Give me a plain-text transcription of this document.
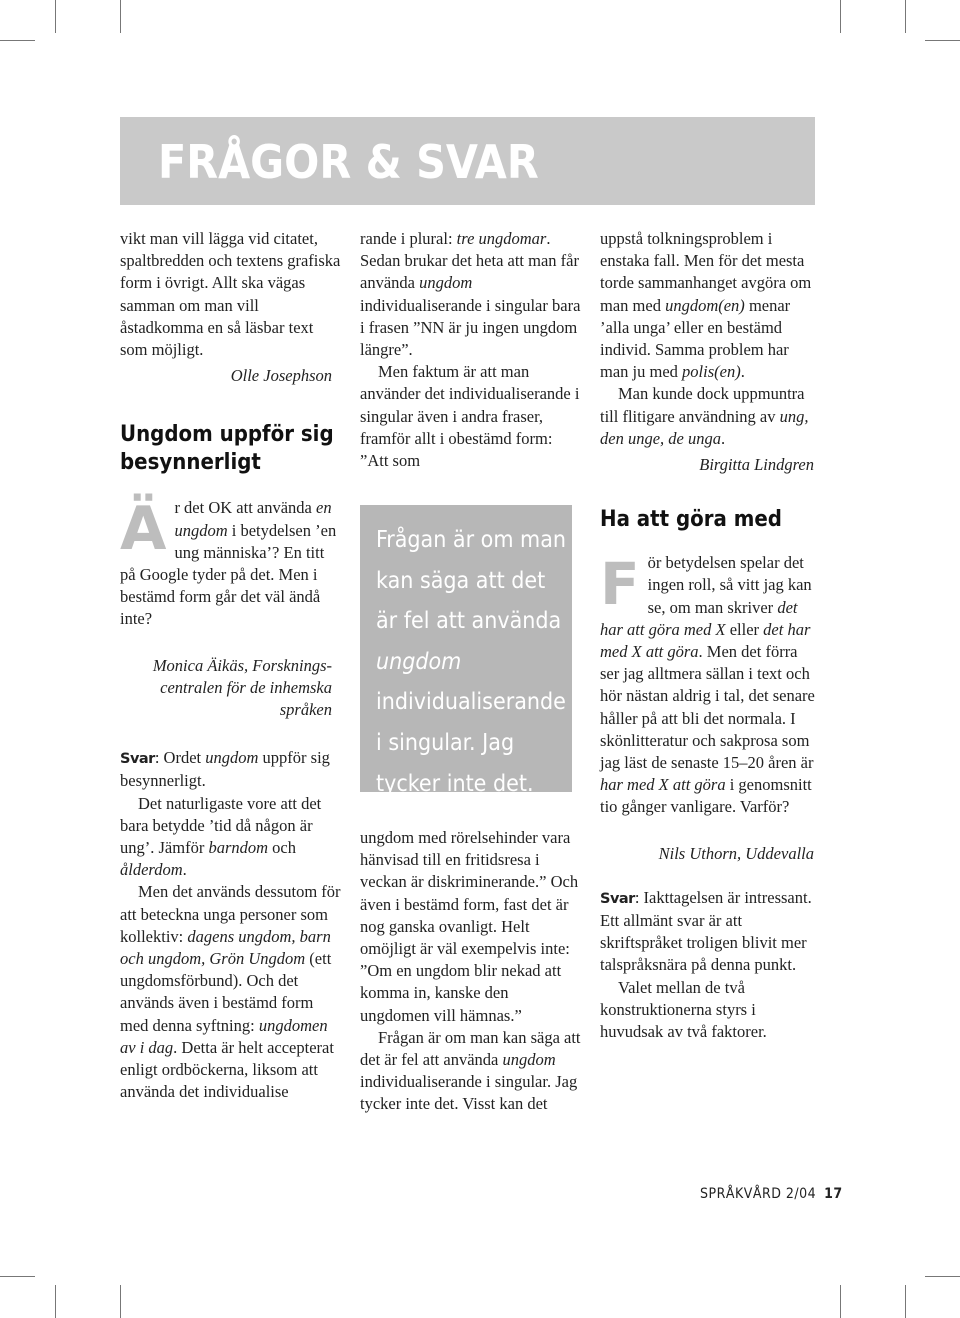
FRÅGOR & SVAR

vikt man vill lägga vid citatet, spaltbredden och textens grafiska form i övrigt. Allt ska vägas samman om man vill åstadkomma en så läsbar text som möjligt.

Olle Josephson

Ungdom uppför sig besynnerligt

Är det OK att använda en ungdom i betydelsen ’en ung människa’? En titt på Google tyder på det. Men i bestämd form går det väl ändå inte?

Monica Äikäs, Forskningscentralen för de inhemska språken

Svar: Ordet ungdom uppför sig besynnerligt.

Det naturligaste vore att det bara betydde ’tid då någon är ung’. Jämför barndom och ålderdom.

Men det används dessutom för att beteckna unga personer som kollektiv: dagens ungdom, barn och ungdom, Grön Ungdom (ett ungdomsförbund). Och det används även i bestämd form med denna syftning: ungdomen av i dag. Detta är helt accepterat enligt ordböckerna, liksom att använda det individualise

rande i plural: tre ungdomar. Sedan brukar det heta att man får använda ungdom individualiserande i singular bara i frasen ”NN är ju ingen ungdom längre”.

Men faktum är att man använder det individualiserande i singular även i andra fraser, framför allt i obestämd form: ”Att som

Frågan är om man kan säga att det är fel att använda ungdom individualiserande i singular. Jag tycker inte det.

ungdom med rörelsehinder vara hänvisad till en fritidsresa i veckan är diskriminerande.” Och även i bestämd form, fast det är nog ganska ovanligt. Helt omöjligt är väl exempelvis inte: ”Om en ungdom blir nekad att komma in, kanske den ungdomen vill hämnas.”

Frågan är om man kan säga att det är fel att använda ungdom individualiserande i singular. Jag tycker inte det. Visst kan det

uppstå tolkningsproblem i enstaka fall. Men för det mesta torde sammanhanget avgöra om man med ungdom(en) menar ’alla unga’ eller en bestämd individ. Samma problem har man ju med polis(en).

Man kunde dock uppmuntra till flitigare användning av ung, den unge, de unga.

Birgitta Lindgren

Ha att göra med

För betydelsen spelar det ingen roll, så vitt jag kan se, om man skriver det har att göra med X eller det har med X att göra. Men det förra ser jag alltmera sällan i text och hör nästan aldrig i tal, det senare håller på att bli det normala. I skönlitteratur och sakprosa som jag läst de senaste 15–20 åren är har med X att göra i genomsnitt tio gånger vanligare. Varför?

Nils Uthorn, Uddevalla

Svar: Iakttagelsen är intressant. Ett allmänt svar är att skriftspråket troligen blivit mer talspråksnära på denna punkt.

Valet mellan de två konstruktionerna styrs i huvudsak av två faktorer.

SPRÅKVÅRD 2/04 17
